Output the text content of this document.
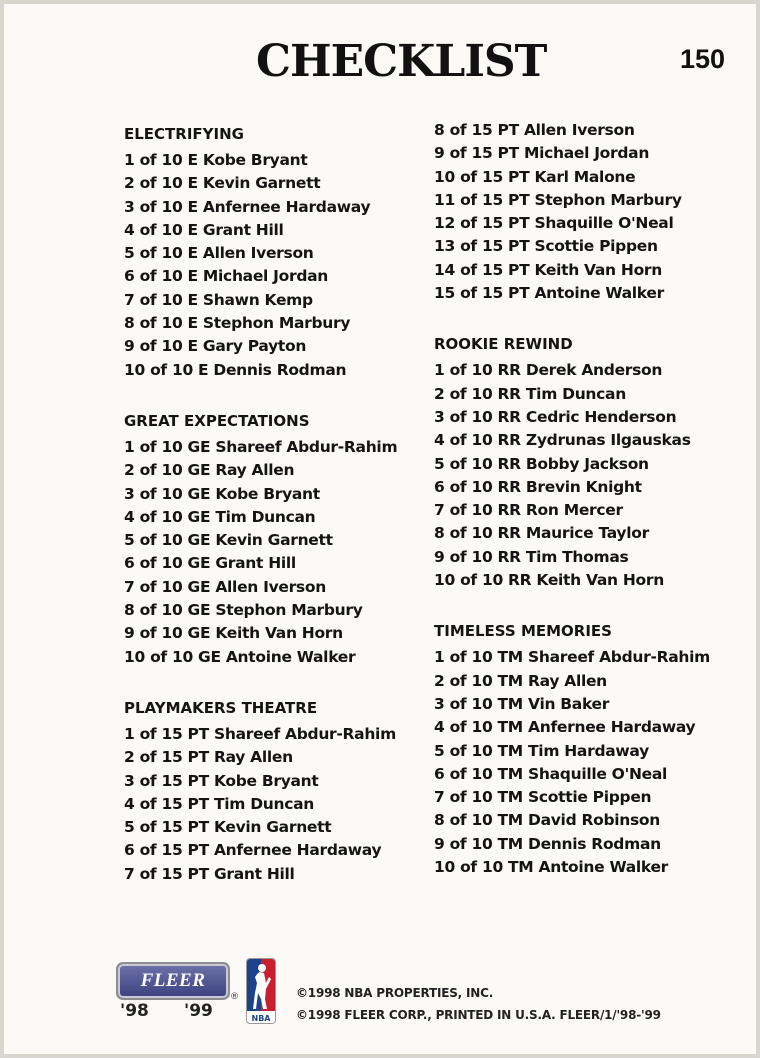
CHECKLIST	150
ELECTRIFYING
1 of 10 E Kobe Bryant
2 of 10 E Kevin Garnett
3 of 10 E Anfernee Hardaway
4 of 10 E Grant Hill
5 of 10 E Allen Iverson
6 of 10 E Michael Jordan
7 of 10 E Shawn Kemp
8 of 10 E Stephon Marbury
9 of 10 E Gary Payton
10 of 10 E Dennis Rodman
GREAT EXPECTATIONS
1 of 10 GE Shareef Abdur-Rahim
2 of 10 GE Ray Allen
3 of 10 GE Kobe Bryant
4 of 10 GE Tim Duncan
5 of 10 GE Kevin Garnett
6 of 10 GE Grant Hill
7 of 10 GE Allen Iverson
8 of 10 GE Stephon Marbury
9 of 10 GE Keith Van Horn
10 of 10 GE Antoine Walker
PLAYMAKERS THEATRE
1 of 15 PT Shareef Abdur-Rahim
2 of 15 PT Ray Allen
3 of 15 PT Kobe Bryant
4 of 15 PT Tim Duncan
5 of 15 PT Kevin Garnett
6 of 15 PT Anfernee Hardaway
7 of 15 PT Grant Hill
8 of 15 PT Allen Iverson
9 of 15 PT Michael Jordan
10 of 15 PT Karl Malone
11 of 15 PT Stephon Marbury
12 of 15 PT Shaquille O'Neal
13 of 15 PT Scottie Pippen
14 of 15 PT Keith Van Horn
15 of 15 PT Antoine Walker
ROOKIE REWIND
1 of 10 RR Derek Anderson
2 of 10 RR Tim Duncan
3 of 10 RR Cedric Henderson
4 of 10 RR Zydrunas Ilgauskas
5 of 10 RR Bobby Jackson
6 of 10 RR Brevin Knight
7 of 10 RR Ron Mercer
8 of 10 RR Maurice Taylor
9 of 10 RR Tim Thomas
10 of 10 RR Keith Van Horn
TIMELESS MEMORIES
1 of 10 TM Shareef Abdur-Rahim
2 of 10 TM Ray Allen
3 of 10 TM Vin Baker
4 of 10 TM Anfernee Hardaway
5 of 10 TM Tim Hardaway
6 of 10 TM Shaquille O'Neal
7 of 10 TM Scottie Pippen
8 of 10 TM David Robinson
9 of 10 TM Dennis Rodman
10 of 10 TM Antoine Walker
FLEER
®
'98 '99	NBA
©1998 NBA PROPERTIES, INC.
©1998 FLEER CORP., PRINTED IN U.S.A. FLEER/1/'98-'99
